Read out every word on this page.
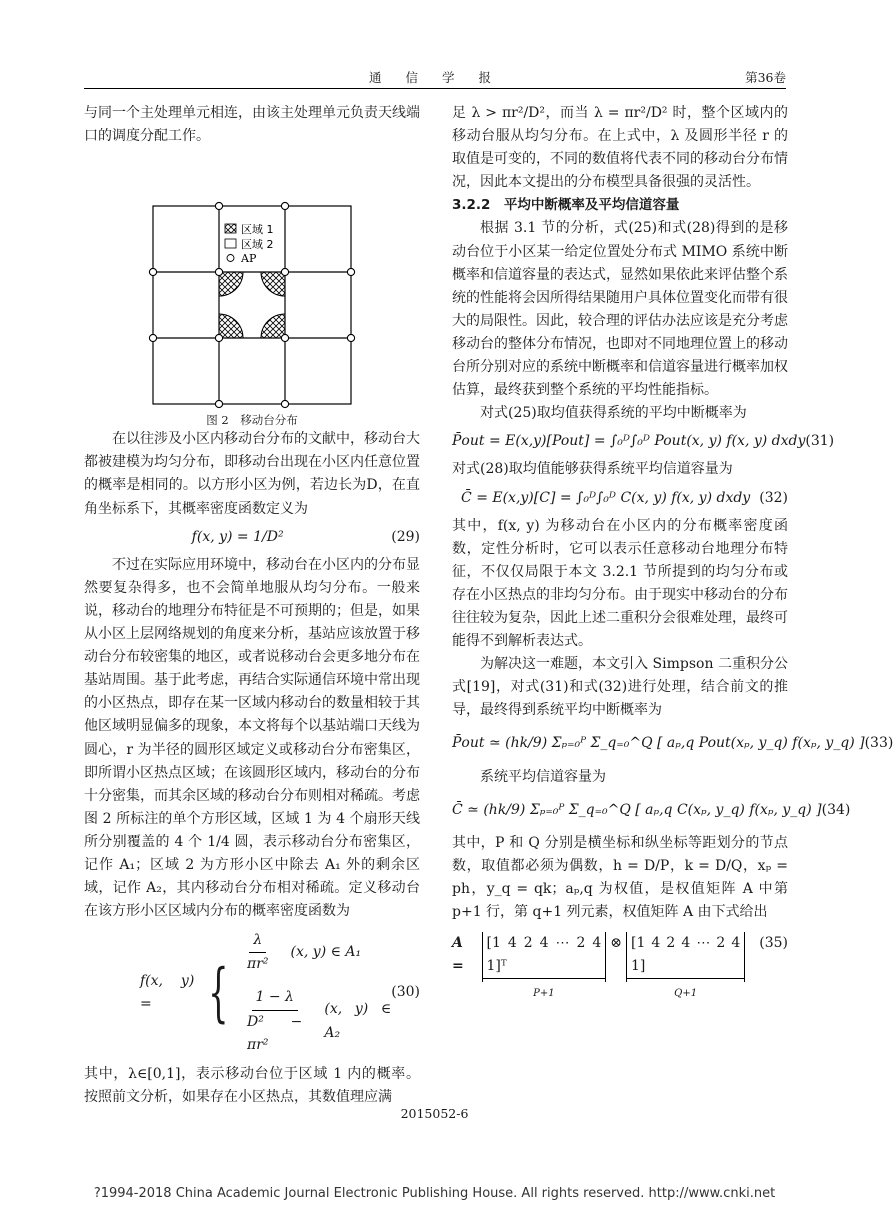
通 信 学 报	第36卷

与同一个主处理单元相连，由该主处理单元负责天线端口的调度分配工作。

区域 1
区域 2
AP

图 2　移动台分布

在以往涉及小区内移动台分布的文献中，移动台大都被建模为均匀分布，即移动台出现在小区内任意位置的概率是相同的。以方形小区为例，若边长为D，在直角坐标系下，其概率密度函数定义为

f(x, y) = 1/D²	(29)

不过在实际应用环境中，移动台在小区内的分布显然要复杂得多，也不会简单地服从均匀分布。一般来说，移动台的地理分布特征是不可预期的；但是，如果从小区上层网络规划的角度来分析，基站应该放置于移动台分布较密集的地区，或者说移动台会更多地分布在基站周围。基于此考虑，再结合实际通信环境中常出现的小区热点，即存在某一区域内移动台的数量相较于其他区域明显偏多的现象，本文将每个以基站端口天线为圆心，r 为半径的圆形区域定义或移动台分布密集区，即所谓小区热点区域；在该圆形区域内，移动台的分布十分密集，而其余区域的移动台分布则相对稀疏。考虑图 2 所标注的单个方形区域，区域 1 为 4 个扇形天线所分别覆盖的 4 个 1/4 圆，表示移动台分布密集区，记作 A₁；区域 2 为方形小区中除去 A₁ 外的剩余区域，记作 A₂，其内移动台分布相对稀疏。定义移动台在该方形小区区域内分布的概率密度函数为

f(x, y) = {
$\frac{\lambda}{\text{πr²}} (x$, y) ∈ A₁
$\frac{1 - \lambda}{\text{D² − πr²}} (x$, y) ∈ A₂
(30)

其中，λ∈[0,1]，表示移动台位于区域 1 内的概率。按照前文分析，如果存在小区热点，其数值理应满

足 λ > πr²/D²，而当 λ = πr²/D² 时，整个区域内的移动台服从均匀分布。在上式中，λ 及圆形半径 r 的取值是可变的，不同的数值将代表不同的移动台分布情况，因此本文提出的分布模型具备很强的灵活性。

3.2.2　平均中断概率及平均信道容量

根据 3.1 节的分析，式(25)和式(28)得到的是移动台位于小区某一给定位置处分布式 MIMO 系统中断概率和信道容量的表达式，显然如果依此来评估整个系统的性能将会因所得结果随用户具体位置变化而带有很大的局限性。因此，较合理的评估办法应该是充分考虑移动台的整体分布情况，也即对不同地理位置上的移动台所分别对应的系统中断概率和信道容量进行概率加权估算，最终获到整个系统的平均性能指标。

对式(25)取均值获得系统的平均中断概率为

P̄out = E(x,y)[Pout] = ∫₀ᴰ∫₀ᴰ Pout(x, y) f(x, y) dxdy (31)

对式(28)取均值能够获得系统平均信道容量为

C̄ = E(x,y)[C] = ∫₀ᴰ∫₀ᴰ C(x, y) f(x, y) dxdy (32)

其中，f(x, y) 为移动台在小区内的分布概率密度函数，定性分析时，它可以表示任意移动台地理分布特征，不仅仅局限于本文 3.2.1 节所提到的均匀分布或存在小区热点的非均匀分布。由于现实中移动台的分布往往较为复杂，因此上述二重积分会很难处理，最终可能得不到解析表达式。

为解决这一难题，本文引入 Simpson 二重积分公式[19]，对式(31)和式(32)进行处理，结合前文的推导，最终得到系统平均中断概率为

P̄out ≃ (hk/9) Σₚ₌₀ᴾ Σ_q₌₀^Q [ aₚ,q Pout(xₚ, y_q) f(xₚ, y_q) ] (33)

系统平均信道容量为

C̄ ≃ (hk/9) Σₚ₌₀ᴾ Σ_q₌₀^Q [ aₚ,q C(xₚ, y_q) f(xₚ, y_q) ] (34)

其中，P 和 Q 分别是横坐标和纵坐标等距划分的节点数，取值都必须为偶数，h = D/P，k = D/Q，xₚ = ph，y_q = qk；aₚ,q 为权值，是权值矩阵 A 中第 p+1 行，第 q+1 列元素，权值矩阵 A 由下式给出

A =
[1 4 2 4 ⋯ 2 4 1]ᵀ
P+1
⊗ [1 4 2 4 ⋯ 2 4 1]
Q+1
(35)
2015052-6
?1994-2018 China Academic Journal Electronic Publishing House. All rights reserved. http://www.cnki.net
